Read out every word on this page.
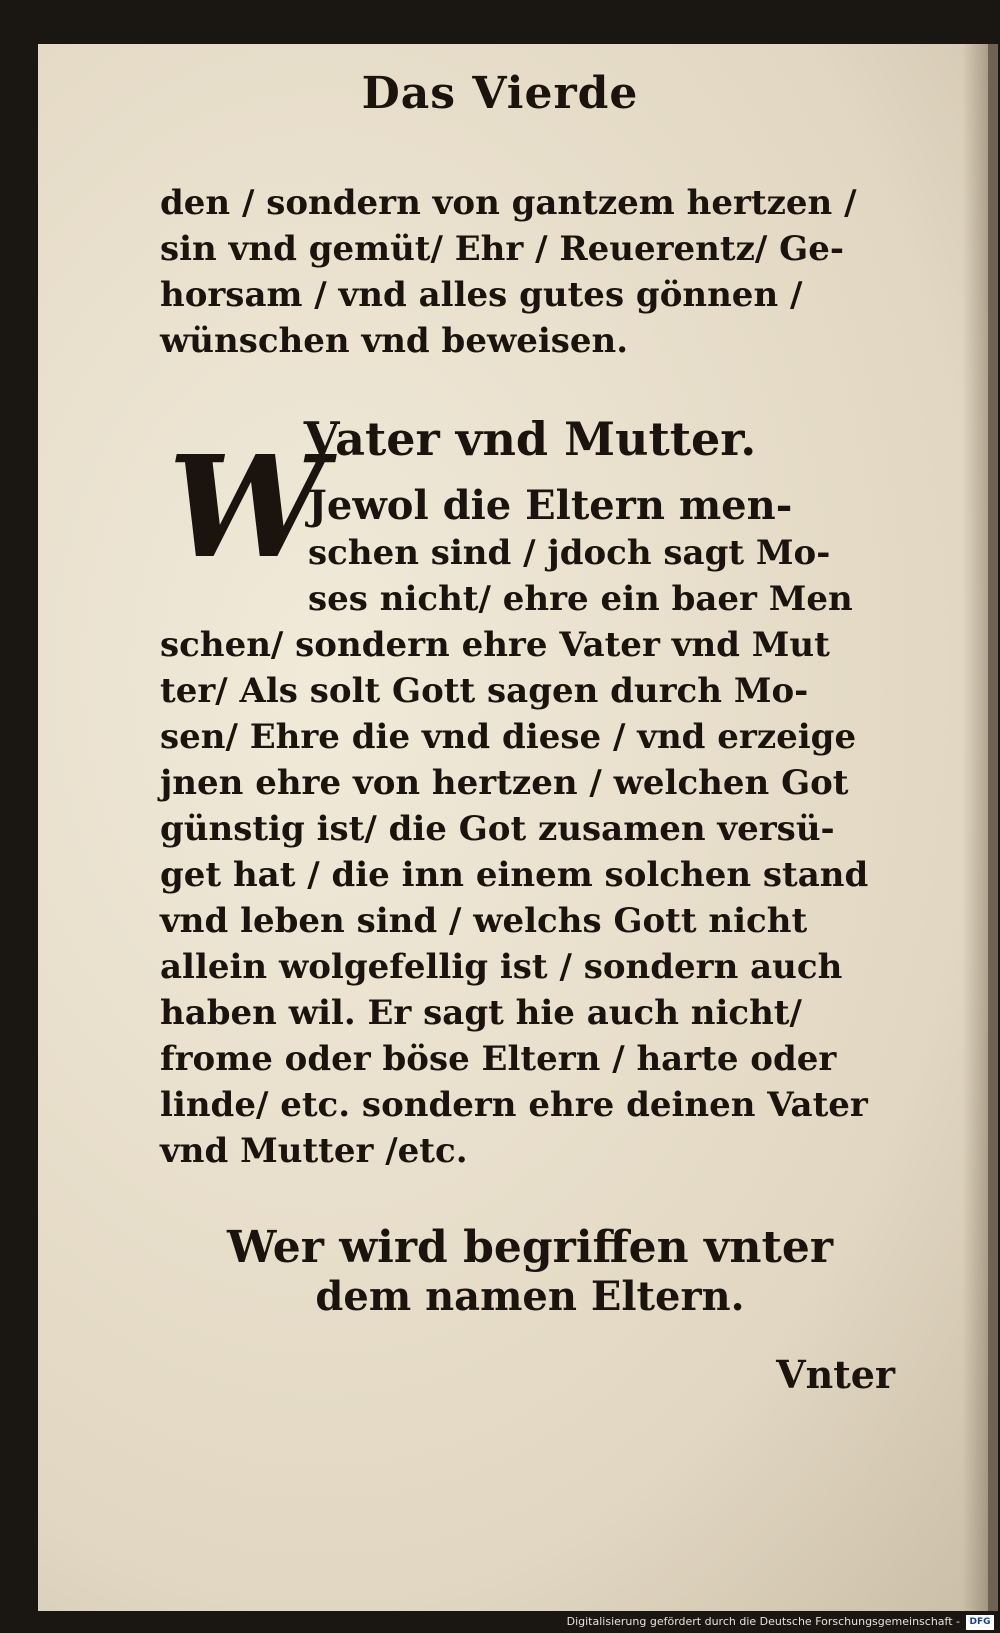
Das Vierde
den / sondern von gantzem hertzen /
sin vnd gemüt/ Ehr / Reuerentz/ Ge-
horsam / vnd alles gutes gönnen /
wünschen vnd beweisen.
Vater vnd Mutter.
W
Jewol die Eltern men-
schen sind / jdoch sagt Mo-
ses nicht/ ehre ein baer Men
schen/ sondern ehre Vater vnd Mut
ter/ Als solt Gott sagen durch Mo-
sen/ Ehre die vnd diese / vnd erzeige
jnen ehre von hertzen / welchen Got
günstig ist/ die Got zusamen versü-
get hat / die inn einem solchen stand
vnd leben sind / welchs Gott nicht
allein wolgefellig ist / sondern auch
haben wil. Er sagt hie auch nicht/
frome oder böse Eltern / harte oder
linde/ etc. sondern ehre deinen Vater
vnd Mutter /etc.
Wer wird begriffen vnter
dem namen Eltern.
Vnter
Digitalisierung gefördert durch die Deutsche Forschungsgemeinschaft -	DFG
